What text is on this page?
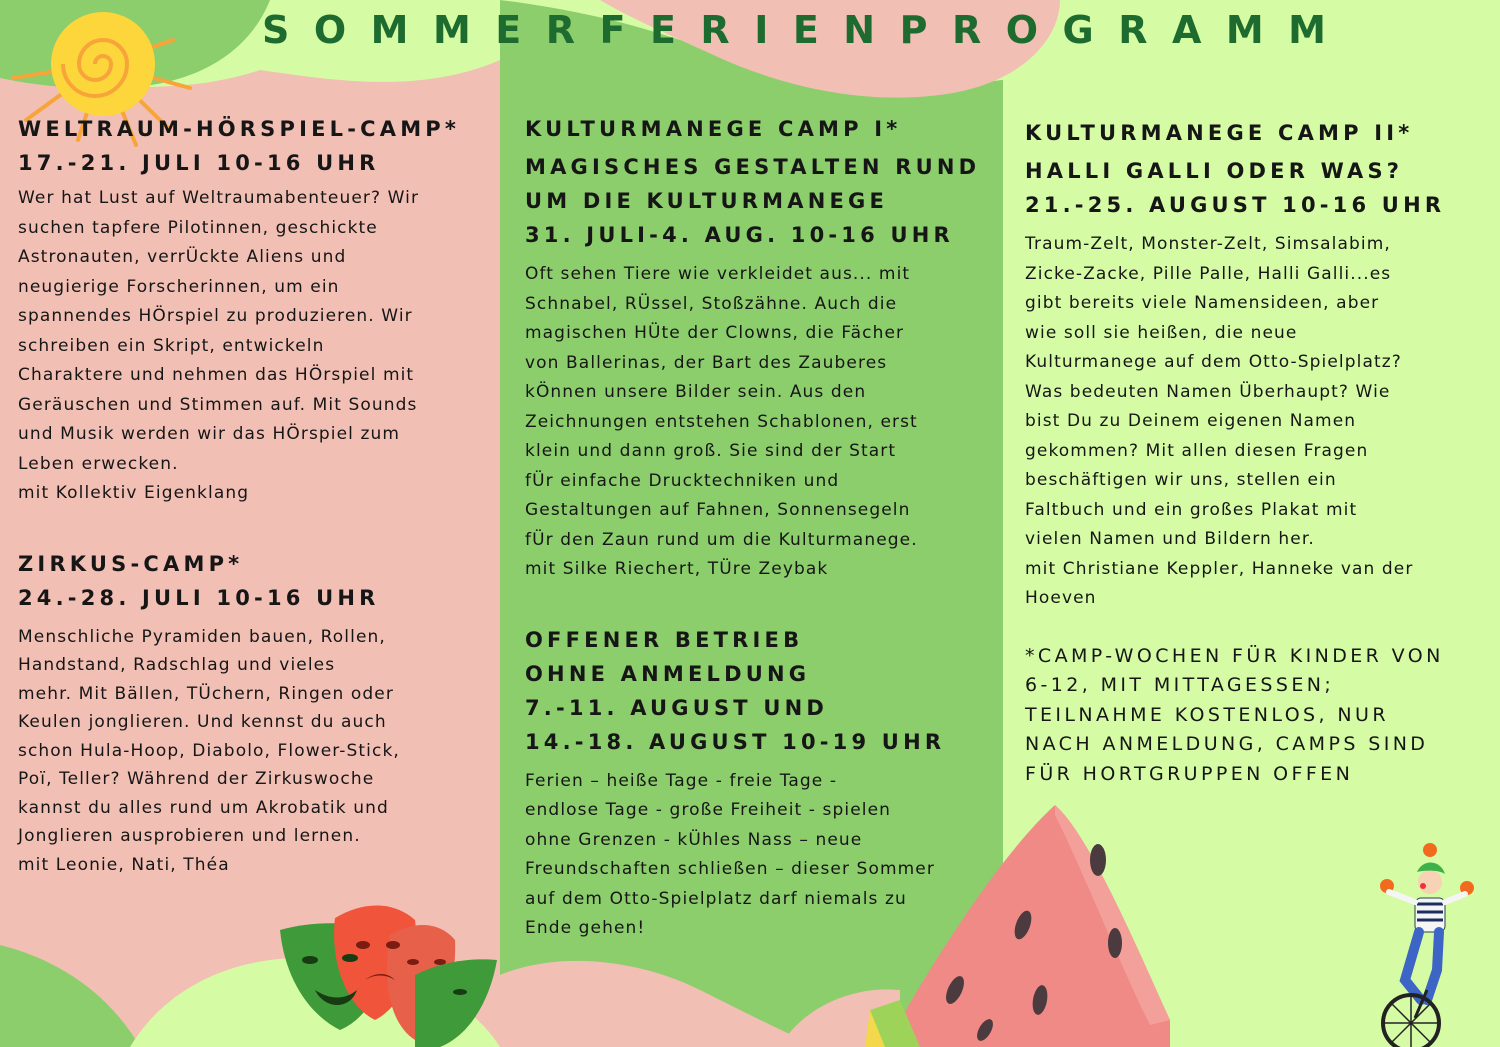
SOMMERFERIENPROGRAMM

WELTRAUM-HÖRSPIEL-CAMP*

17.-21. JULI 10-16 UHR

Wer hat Lust auf Weltraumabenteuer? Wir
suchen tapfere Pilotinnen, geschickte
Astronauten, verrÜckte Aliens und
neugierige Forscherinnen, um ein
spannendes HÖrspiel zu produzieren. Wir
schreiben ein Skript, entwickeln
Charaktere und nehmen das HÖrspiel mit
Geräuschen und Stimmen auf. Mit Sounds
und Musik werden wir das HÖrspiel zum
Leben erwecken.
mit Kollektiv Eigenklang

ZIRKUS-CAMP*

24.-28. JULI 10-16 UHR

Menschliche Pyramiden bauen, Rollen,
Handstand, Radschlag und vieles
mehr. Mit Bällen, TÜchern, Ringen oder
Keulen jonglieren. Und kennst du auch
schon Hula-Hoop, Diabolo, Flower-Stick,
Poï, Teller? Während der Zirkuswoche
kannst du alles rund um Akrobatik und
Jonglieren ausprobieren und lernen.
mit Leonie, Nati, Théa

KULTURMANEGE CAMP I*

MAGISCHES GESTALTEN RUND

UM DIE KULTURMANEGE

31. JULI-4. AUG. 10-16 UHR

Oft sehen Tiere wie verkleidet aus... mit
Schnabel, RÜssel, Stoßzähne. Auch die
magischen HÜte der Clowns, die Fächer
von Ballerinas, der Bart des Zauberes
kÖnnen unsere Bilder sein. Aus den
Zeichnungen entstehen Schablonen, erst
klein und dann groß. Sie sind der Start
fÜr einfache Drucktechniken und
Gestaltungen auf Fahnen, Sonnensegeln
fÜr den Zaun rund um die Kulturmanege.
mit Silke Riechert, TÜre Zeybak

OFFENER BETRIEB

OHNE ANMELDUNG

7.-11. AUGUST UND

14.-18. AUGUST 10-19 UHR

Ferien – heiße Tage - freie Tage -
endlose Tage - große Freiheit - spielen
ohne Grenzen - kÜhles Nass – neue
Freundschaften schließen – dieser Sommer
auf dem Otto-Spielplatz darf niemals zu
Ende gehen!

KULTURMANEGE CAMP II*

HALLI GALLI ODER WAS?

21.-25. AUGUST 10-16 UHR

Traum-Zelt, Monster-Zelt, Simsalabim,
Zicke-Zacke, Pille Palle, Halli Galli...es
gibt bereits viele Namensideen, aber
wie soll sie heißen, die neue
Kulturmanege auf dem Otto-Spielplatz?
Was bedeuten Namen Überhaupt? Wie
bist Du zu Deinem eigenen Namen
gekommen? Mit allen diesen Fragen
beschäftigen wir uns, stellen ein
Faltbuch und ein großes Plakat mit
vielen Namen und Bildern her.
mit Christiane Keppler, Hanneke van der
Hoeven

*CAMP-WOCHEN FÜR KINDER VON
6-12, MIT MITTAGESSEN;
TEILNAHME KOSTENLOS, NUR
NACH ANMELDUNG, CAMPS SIND
FÜR HORTGRUPPEN OFFEN
